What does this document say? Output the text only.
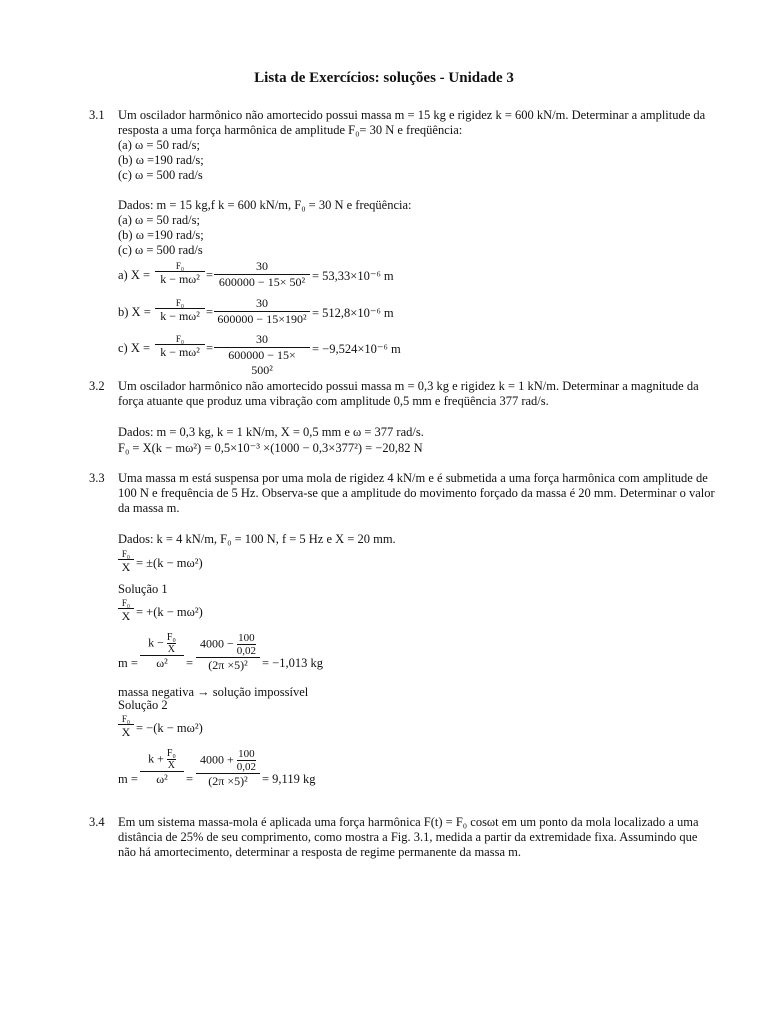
Lista de Exercícios: soluções - Unidade 3
3.1 Um oscilador harmônico não amortecido possui massa m = 15 kg e rigidez k = 600 kN/m. Determinar a amplitude da
resposta a uma força harmônica de amplitude F₀= 30 N e freqüência:
(a) ω = 50 rad/s;
(b) ω =190 rad/s;
(c) ω = 500 rad/s
Dados: m = 15 kg,f k = 600 kN/m, F₀ = 30 N e freqüência:
(a) ω = 50 rad/s;
(b) ω =190 rad/s;
(c) ω = 500 rad/s
a) X =
F₀
$k - m\omega^2 = \frac{30}{\text{600000 − 15× 50²}} = 53,33\times 10^{-6}$ m
b) X =
F₀
$k - m\omega^2 = \frac{30}{\text{600000 − 15×190²}} = 512,8\times 10^{-6}$ m
c) X =
F₀
$k - m\omega^2 = \frac{30}{\text{600000 − 15× 500²}} = -9,524\times 10^{-6}$ m
3.2 Um oscilador harmônico não amortecido possui massa m = 0,3 kg e rigidez k = 1 kN/m. Determinar a magnitude da
força atuante que produz uma vibração com amplitude 0,5 mm e freqüência 377 rad/s.
Dados: m = 0,3 kg, k = 1 kN/m, X = 0,5 mm e ω = 377 rad/s.
F₀ = X(k − mω²) = 0,5×10⁻³ ×(1000 − 0,3×377²) = −20,82 N
3.3 Uma massa m está suspensa por uma mola de rigidez 4 kN/m e é submetida a uma força harmônica com amplitude de
100 N e frequência de 5 Hz. Observa-se que a amplitude do movimento forçado da massa é 20 mm. Determinar o valor
da massa m.
Dados: k = 4 kN/m, F₀ = 100 N, f = 5 Hz e X = 20 mm.
F₀
X = ±(k − mω²)
Solução 1
F₀
X = +(k − mω²)
$m = \frac{k - \frac{\text{F₀}}{X}}{\text{ω²}} = \frac{4000 - \frac{100}{0,02}}{\text{(2π ×5)²}} = -1,013$ kg
massa negativa → solução impossível
Solução 2
F₀
X = −(k − mω²)
$m = \frac{k + \frac{\text{F₀}}{X}}{\text{ω²}} = \frac{4000 + \frac{100}{0,02}}{\text{(2π ×5)²}} = 9,119$ kg
3.4 Em um sistema massa-mola é aplicada uma força harmônica F(t) = F₀ cosωt em um ponto da mola localizado a uma
distância de 25% de seu comprimento, como mostra a Fig. 3.1, medida a partir da extremidade fixa. Assumindo que
não há amortecimento, determinar a resposta de regime permanente da massa m.
